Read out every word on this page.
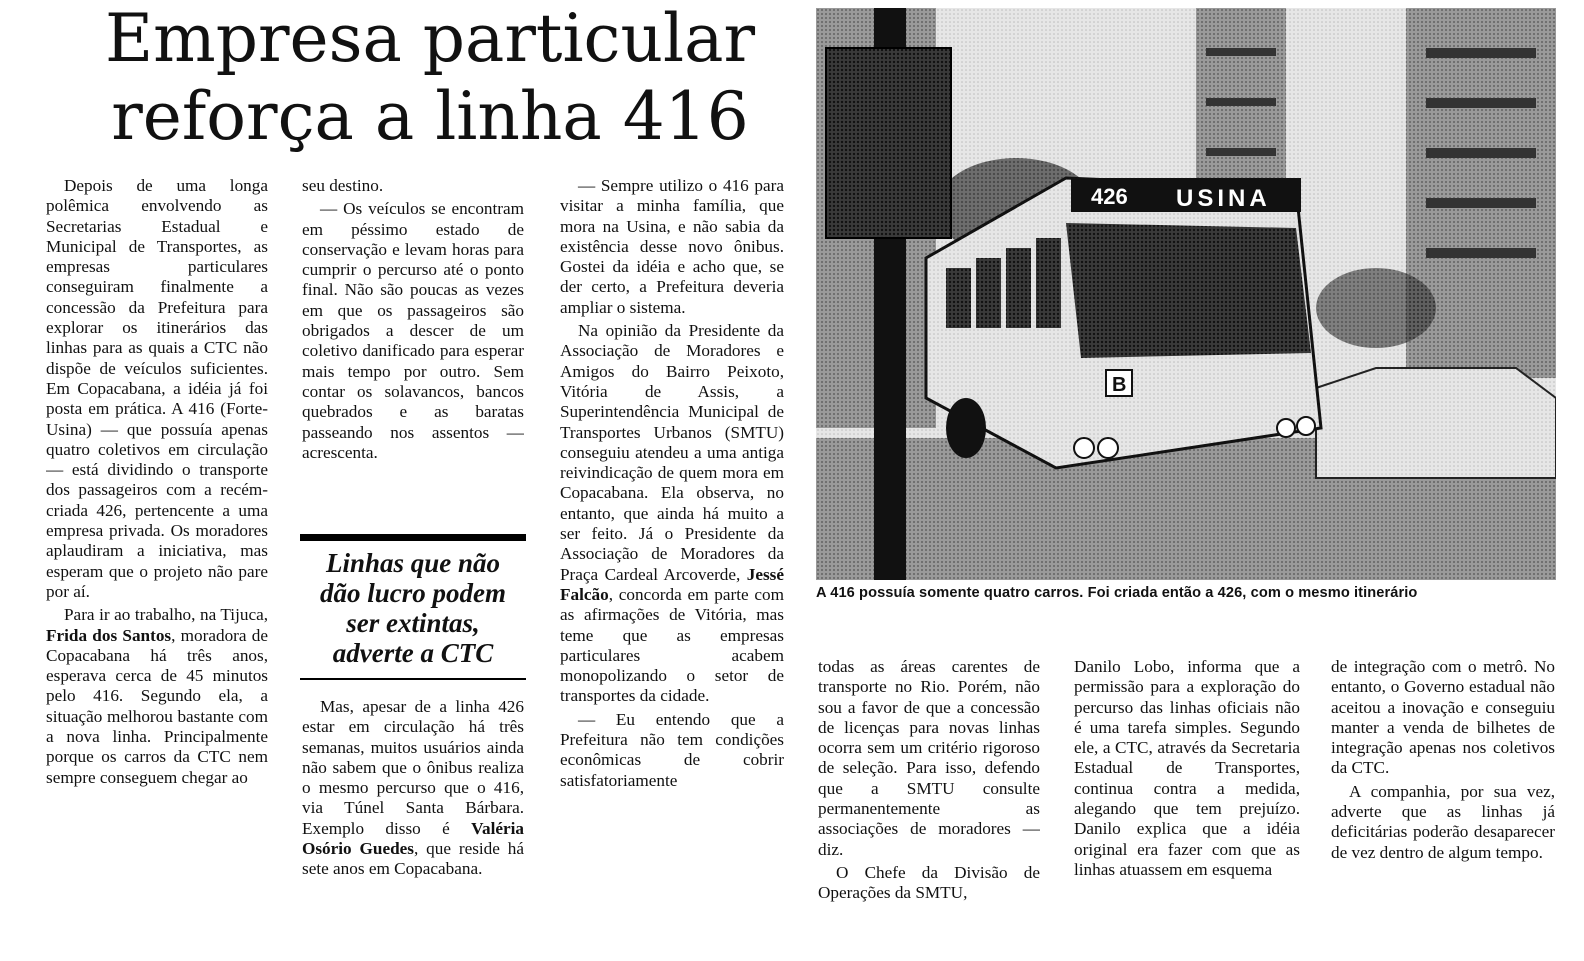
Empresa particular
reforça a linha 416

Depois de uma longa polêmica envolvendo as Secretarias Estadual e Municipal de Transportes, as empresas particulares conseguiram finalmente a concessão da Prefeitura para explorar os itinerários das linhas para as quais a CTC não dispõe de veículos suficientes. Em Copacabana, a idéia já foi posta em prática. A 416 (Forte-Usina) — que possuía apenas quatro coletivos em circulação — está dividindo o transporte dos passageiros com a recém-criada 426, pertencente a uma empresa privada. Os moradores aplaudiram a iniciativa, mas esperam que o projeto não pare por aí.

Para ir ao trabalho, na Tijuca, Frida dos Santos, moradora de Copacabana há três anos, esperava cerca de 45 minutos pelo 416. Segundo ela, a situação melhorou bastante com a nova linha. Principalmente porque os carros da CTC nem sempre conseguem chegar ao

seu destino.

— Os veículos se encontram em péssimo estado de conservação e levam horas para cumprir o percurso até o ponto final. Não são poucas as vezes em que os passageiros são obrigados a descer de um coletivo danificado para esperar mais tempo por outro. Sem contar os solavancos, bancos quebrados e as baratas passeando nos assentos — acrescenta.

Linhas que não
dão lucro podem
ser extintas,
adverte a CTC

Mas, apesar de a linha 426 estar em circulação há três semanas, muitos usuários ainda não sabem que o ônibus realiza o mesmo percurso que o 416, via Túnel Santa Bárbara. Exemplo disso é Valéria Osório Guedes, que reside há sete anos em Copacabana.

— Sempre utilizo o 416 para visitar a minha família, que mora na Usina, e não sabia da existência desse novo ônibus. Gostei da idéia e acho que, se der certo, a Prefeitura deveria ampliar o sistema.

Na opinião da Presidente da Associação de Moradores e Amigos do Bairro Peixoto, Vitória de Assis, a Superintendência Municipal de Transportes Urbanos (SMTU) conseguiu atendeu a uma antiga reivindicação de quem mora em Copacabana. Ela observa, no entanto, que ainda há muito a ser feito. Já o Presidente da Associação de Moradores da Praça Cardeal Arcoverde, Jessé Falcão, concorda em parte com as afirmações de Vitória, mas teme que as empresas particulares acabem monopolizando o setor de transportes da cidade.

— Eu entendo que a Prefeitura não tem condições econômicas de cobrir satisfatoriamente

426 USINA
B
A 416 possuía somente quatro carros. Foi criada então a 426, com o mesmo itinerário

todas as áreas carentes de transporte no Rio. Porém, não sou a favor de que a concessão de licenças para novas linhas ocorra sem um critério rigoroso de seleção. Para isso, defendo que a SMTU consulte permanentemente as associações de moradores — diz.

O Chefe da Divisão de Operações da SMTU,

Danilo Lobo, informa que a permissão para a exploração do percurso das linhas oficiais não é uma tarefa simples. Segundo ele, a CTC, através da Secretaria Estadual de Transportes, continua contra a medida, alegando que tem prejuízo. Danilo explica que a idéia original era fazer com que as linhas atuassem em esquema

de integração com o metrô. No entanto, o Governo estadual não aceitou a inovação e conseguiu manter a venda de bilhetes de integração apenas nos coletivos da CTC.

A companhia, por sua vez, adverte que as linhas já deficitárias poderão desaparecer de vez dentro de algum tempo.
